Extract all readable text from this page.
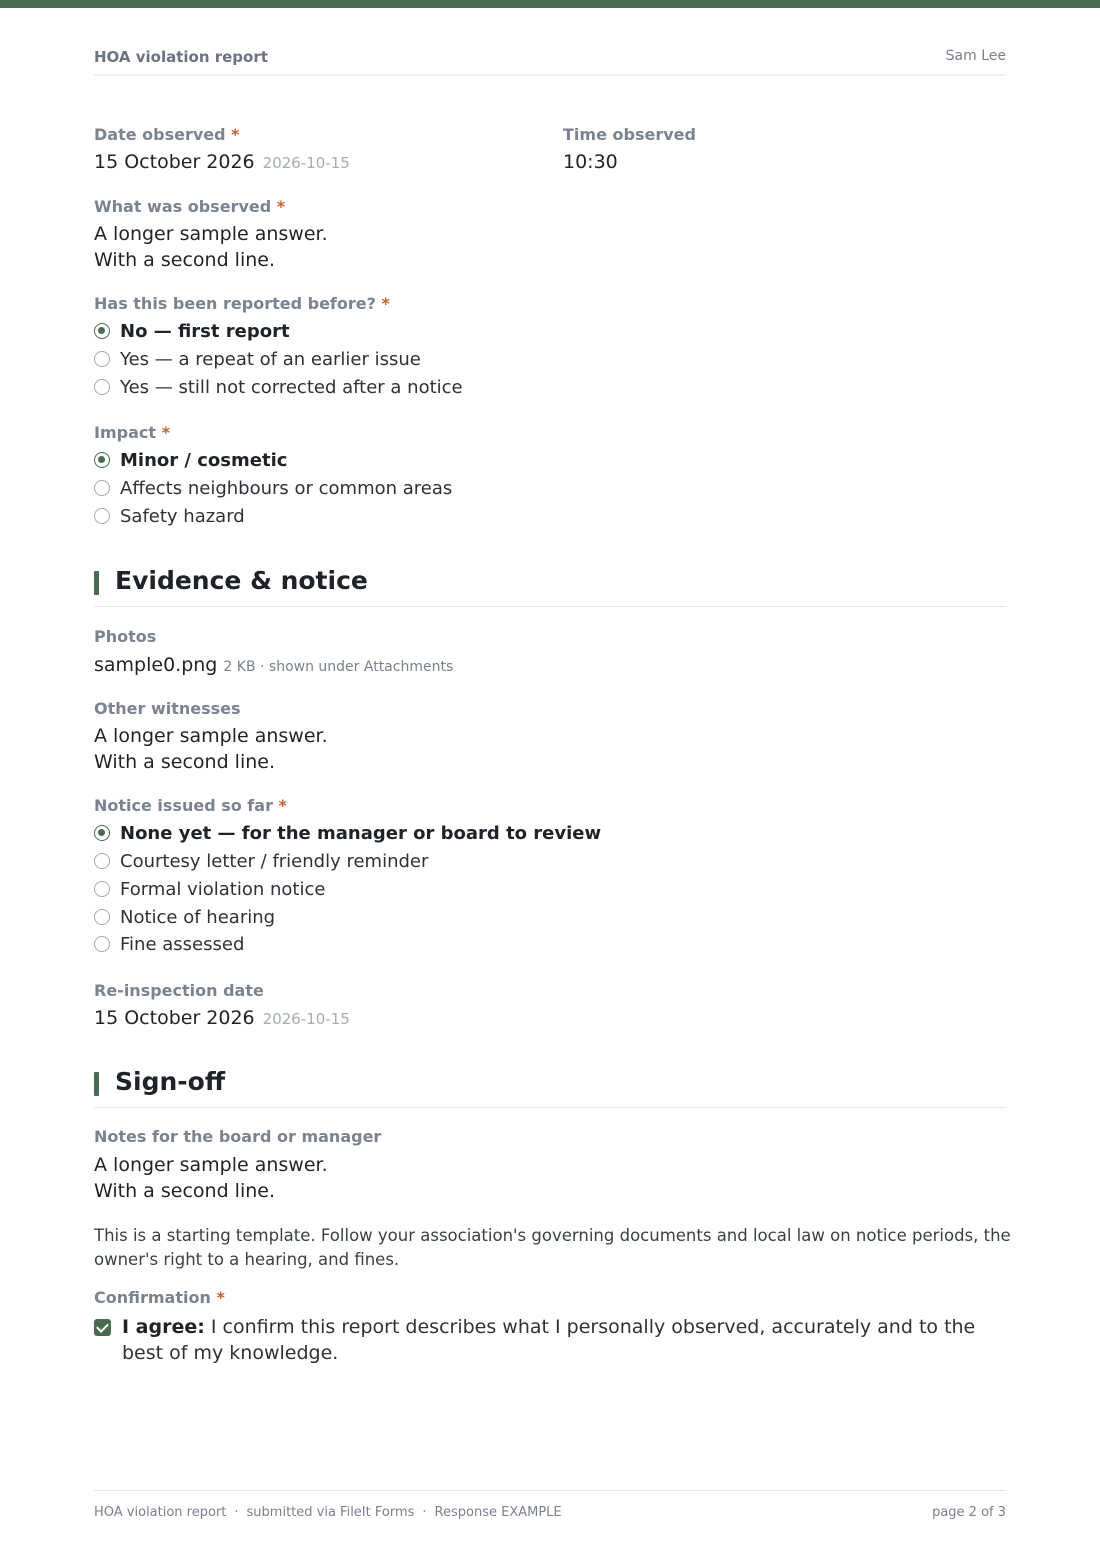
HOA violation report	Sam Lee
Date observed *
15 October 2026 2026-10-15
Time observed
10:30
What was observed *
A longer sample answer.
With a second line.
Has this been reported before? *
No — first report
Yes — a repeat of an earlier issue
Yes — still not corrected after a notice
Impact *
Minor / cosmetic
Affects neighbours or common areas
Safety hazard
Evidence & notice
Photos
sample0.png 2 KB · shown under Attachments
Other witnesses
A longer sample answer.
With a second line.
Notice issued so far *
None yet — for the manager or board to review
Courtesy letter / friendly reminder
Formal violation notice
Notice of hearing
Fine assessed
Re-inspection date
15 October 2026 2026-10-15
Sign-off
Notes for the board or manager
A longer sample answer.
With a second line.
This is a starting template. Follow your association's governing documents and local law on notice periods, the owner's right to a hearing, and fines.
Confirmation *
I agree: I confirm this report describes what I personally observed, accurately and to the best of my knowledge.
HOA violation report · submitted via FileIt Forms · Response EXAMPLE	page 2 of 3
